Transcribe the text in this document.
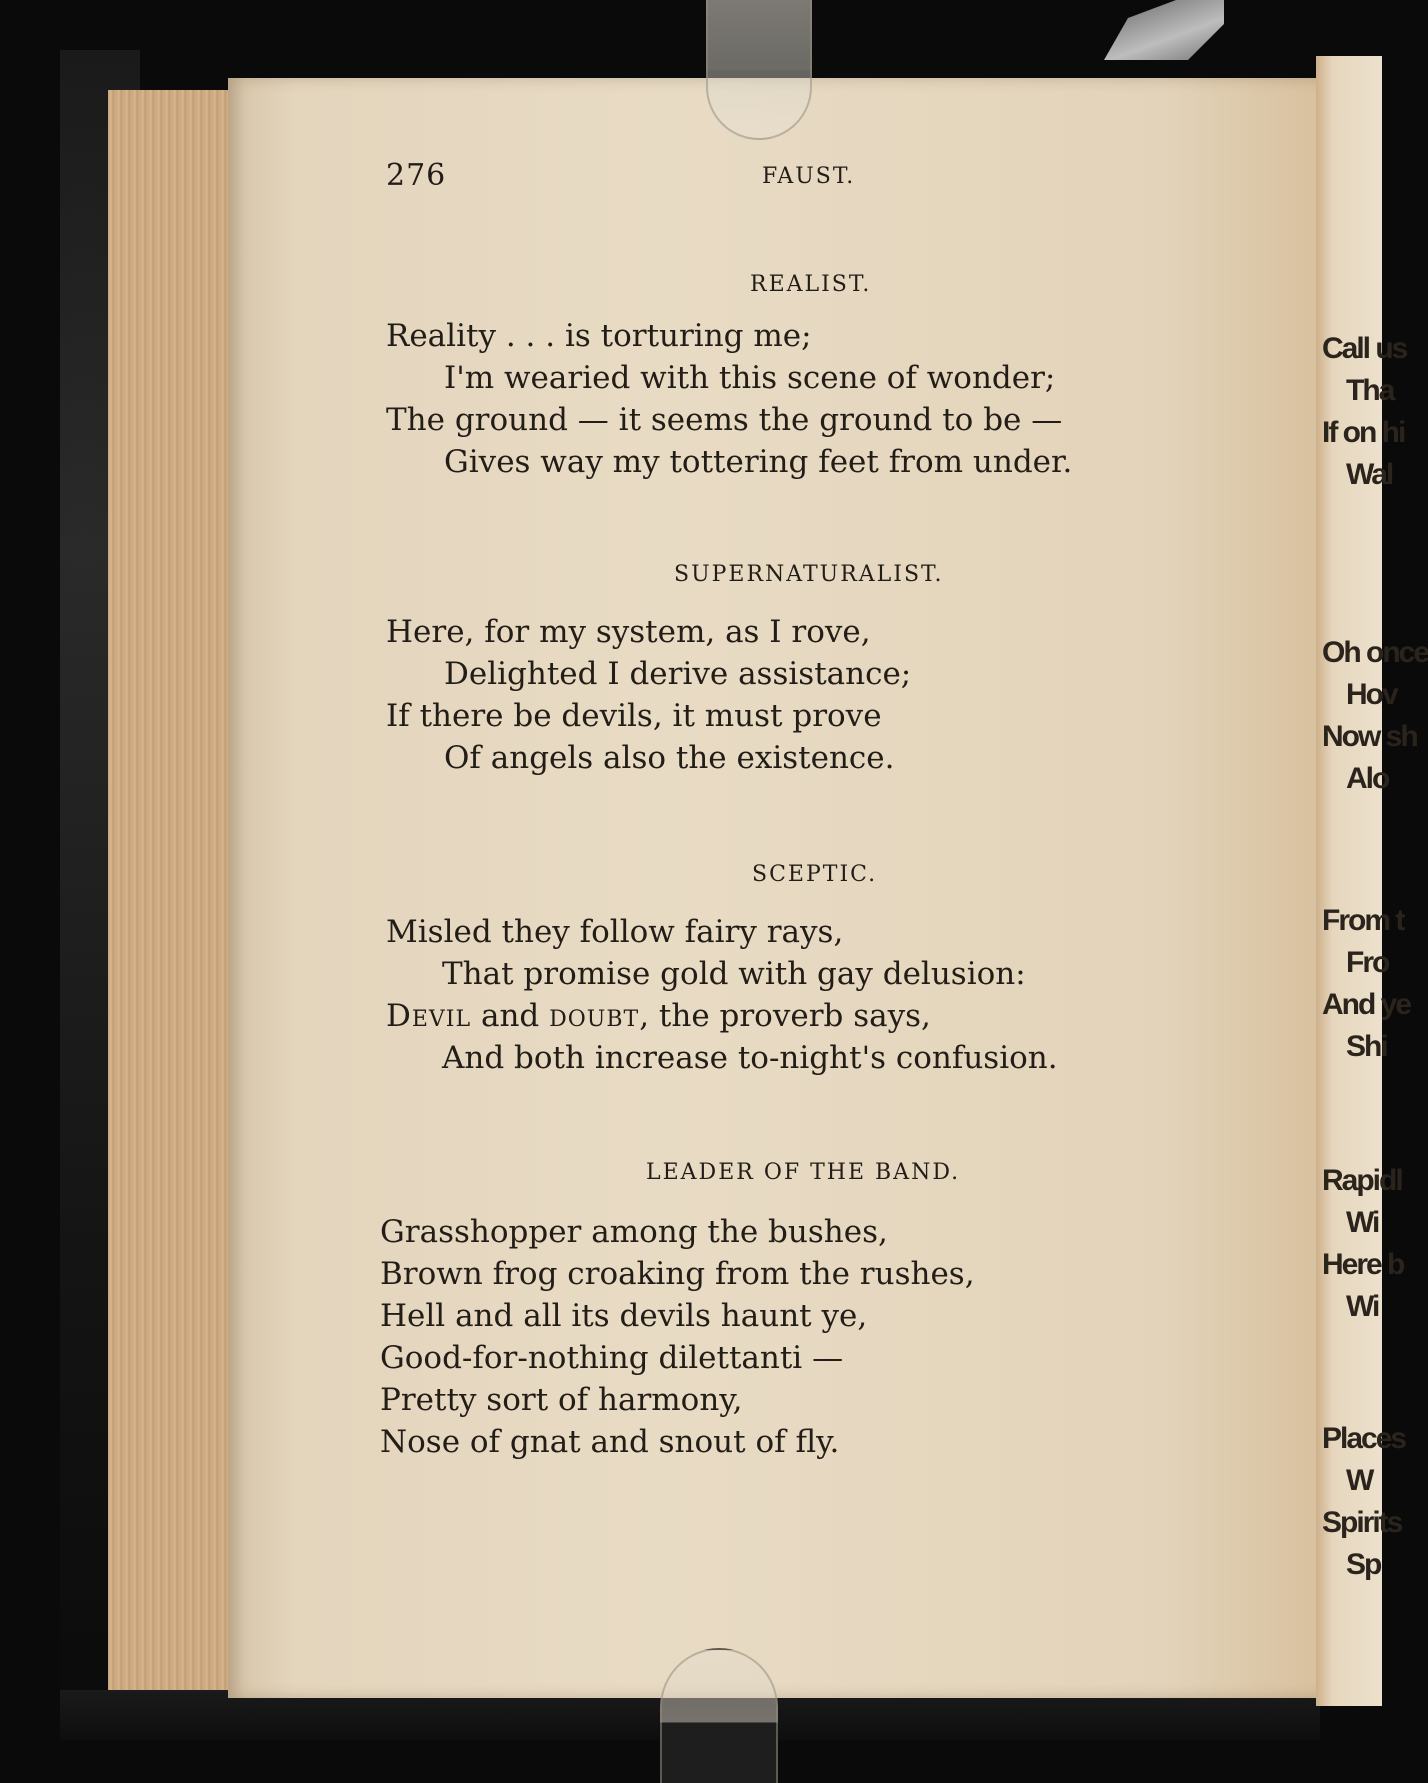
Call us
Tha
If on hi
Wal
Oh once
Hov
Now sh
Alo
From t
Fro
And ye
Shi
Rapidl
Wi
Here b
Wi
Places
W
Spirits
Sp
276	FAUST.
REALIST.
Reality . . . is torturing me;
I'm wearied with this scene of wonder;
The ground — it seems the ground to be —
Gives way my tottering feet from under.
SUPERNATURALIST.
Here, for my system, as I rove,
Delighted I derive assistance;
If there be devils, it must prove
Of angels also the existence.
SCEPTIC.
Misled they follow fairy rays,
That promise gold with gay delusion:
Devil and doubt, the proverb says,
And both increase to-night's confusion.
LEADER OF THE BAND.
Grasshopper among the bushes,
Brown frog croaking from the rushes,
Hell and all its devils haunt ye,
Good-for-nothing dilettanti —
Pretty sort of harmony,
Nose of gnat and snout of fly.
